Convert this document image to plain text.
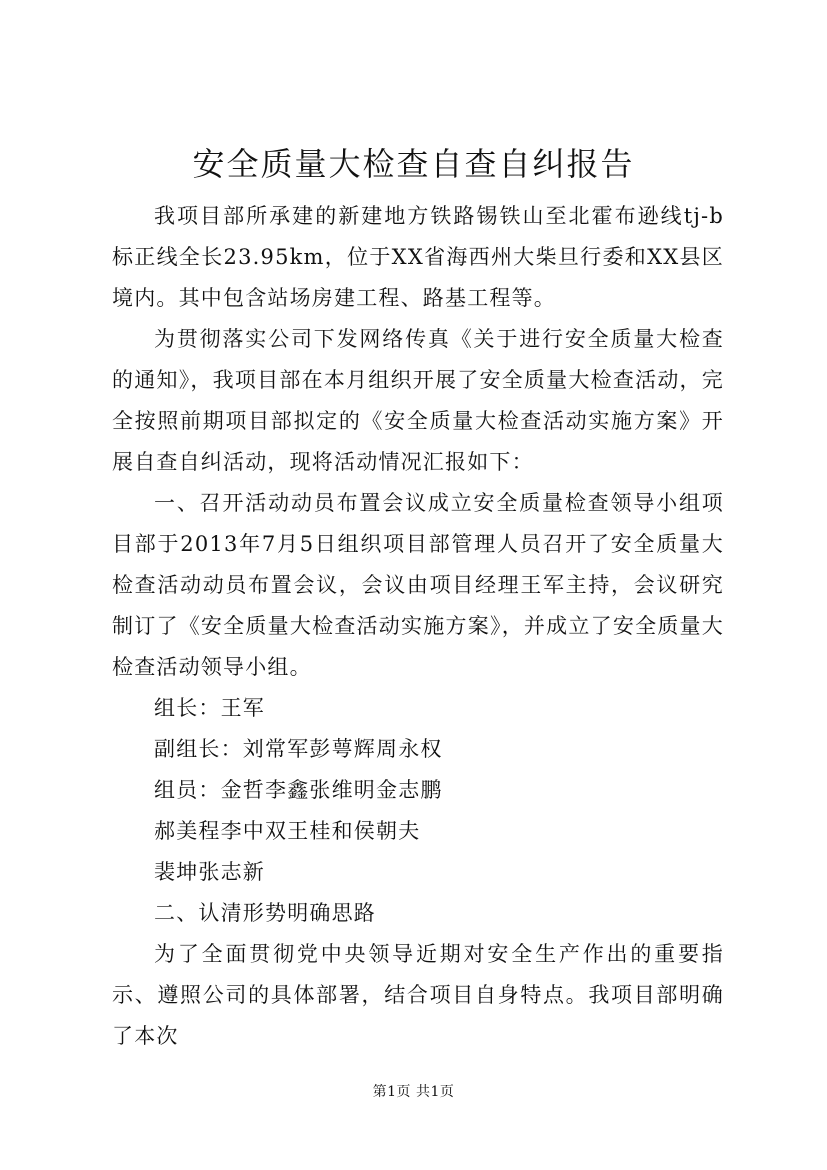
安全质量大检查自查自纠报告

我项目部所承建的新建地方铁路锡铁山至北霍布逊线tj-b标正线全长23.95km，位于XX省海西州大柴旦行委和XX县区境内。其中包含站场房建工程、路基工程等。

为贯彻落实公司下发网络传真《关于进行安全质量大检查的通知》，我项目部在本月组织开展了安全质量大检查活动，完全按照前期项目部拟定的《安全质量大检查活动实施方案》开展自查自纠活动，现将活动情况汇报如下：

一、召开活动动员布置会议成立安全质量检查领导小组项目部于2013年7月5日组织项目部管理人员召开了安全质量大检查活动动员布置会议，会议由项目经理王军主持，会议研究制订了《安全质量大检查活动实施方案》，并成立了安全质量大检查活动领导小组。

组长：王军

副组长：刘常军彭萼辉周永权

组员：金哲李鑫张维明金志鹏

郝美程李中双王桂和侯朝夫

裴坤张志新

二、认清形势明确思路

为了全面贯彻党中央领导近期对安全生产作出的重要指示、遵照公司的具体部署，结合项目自身特点。我项目部明确了本次

第1页 共1页
